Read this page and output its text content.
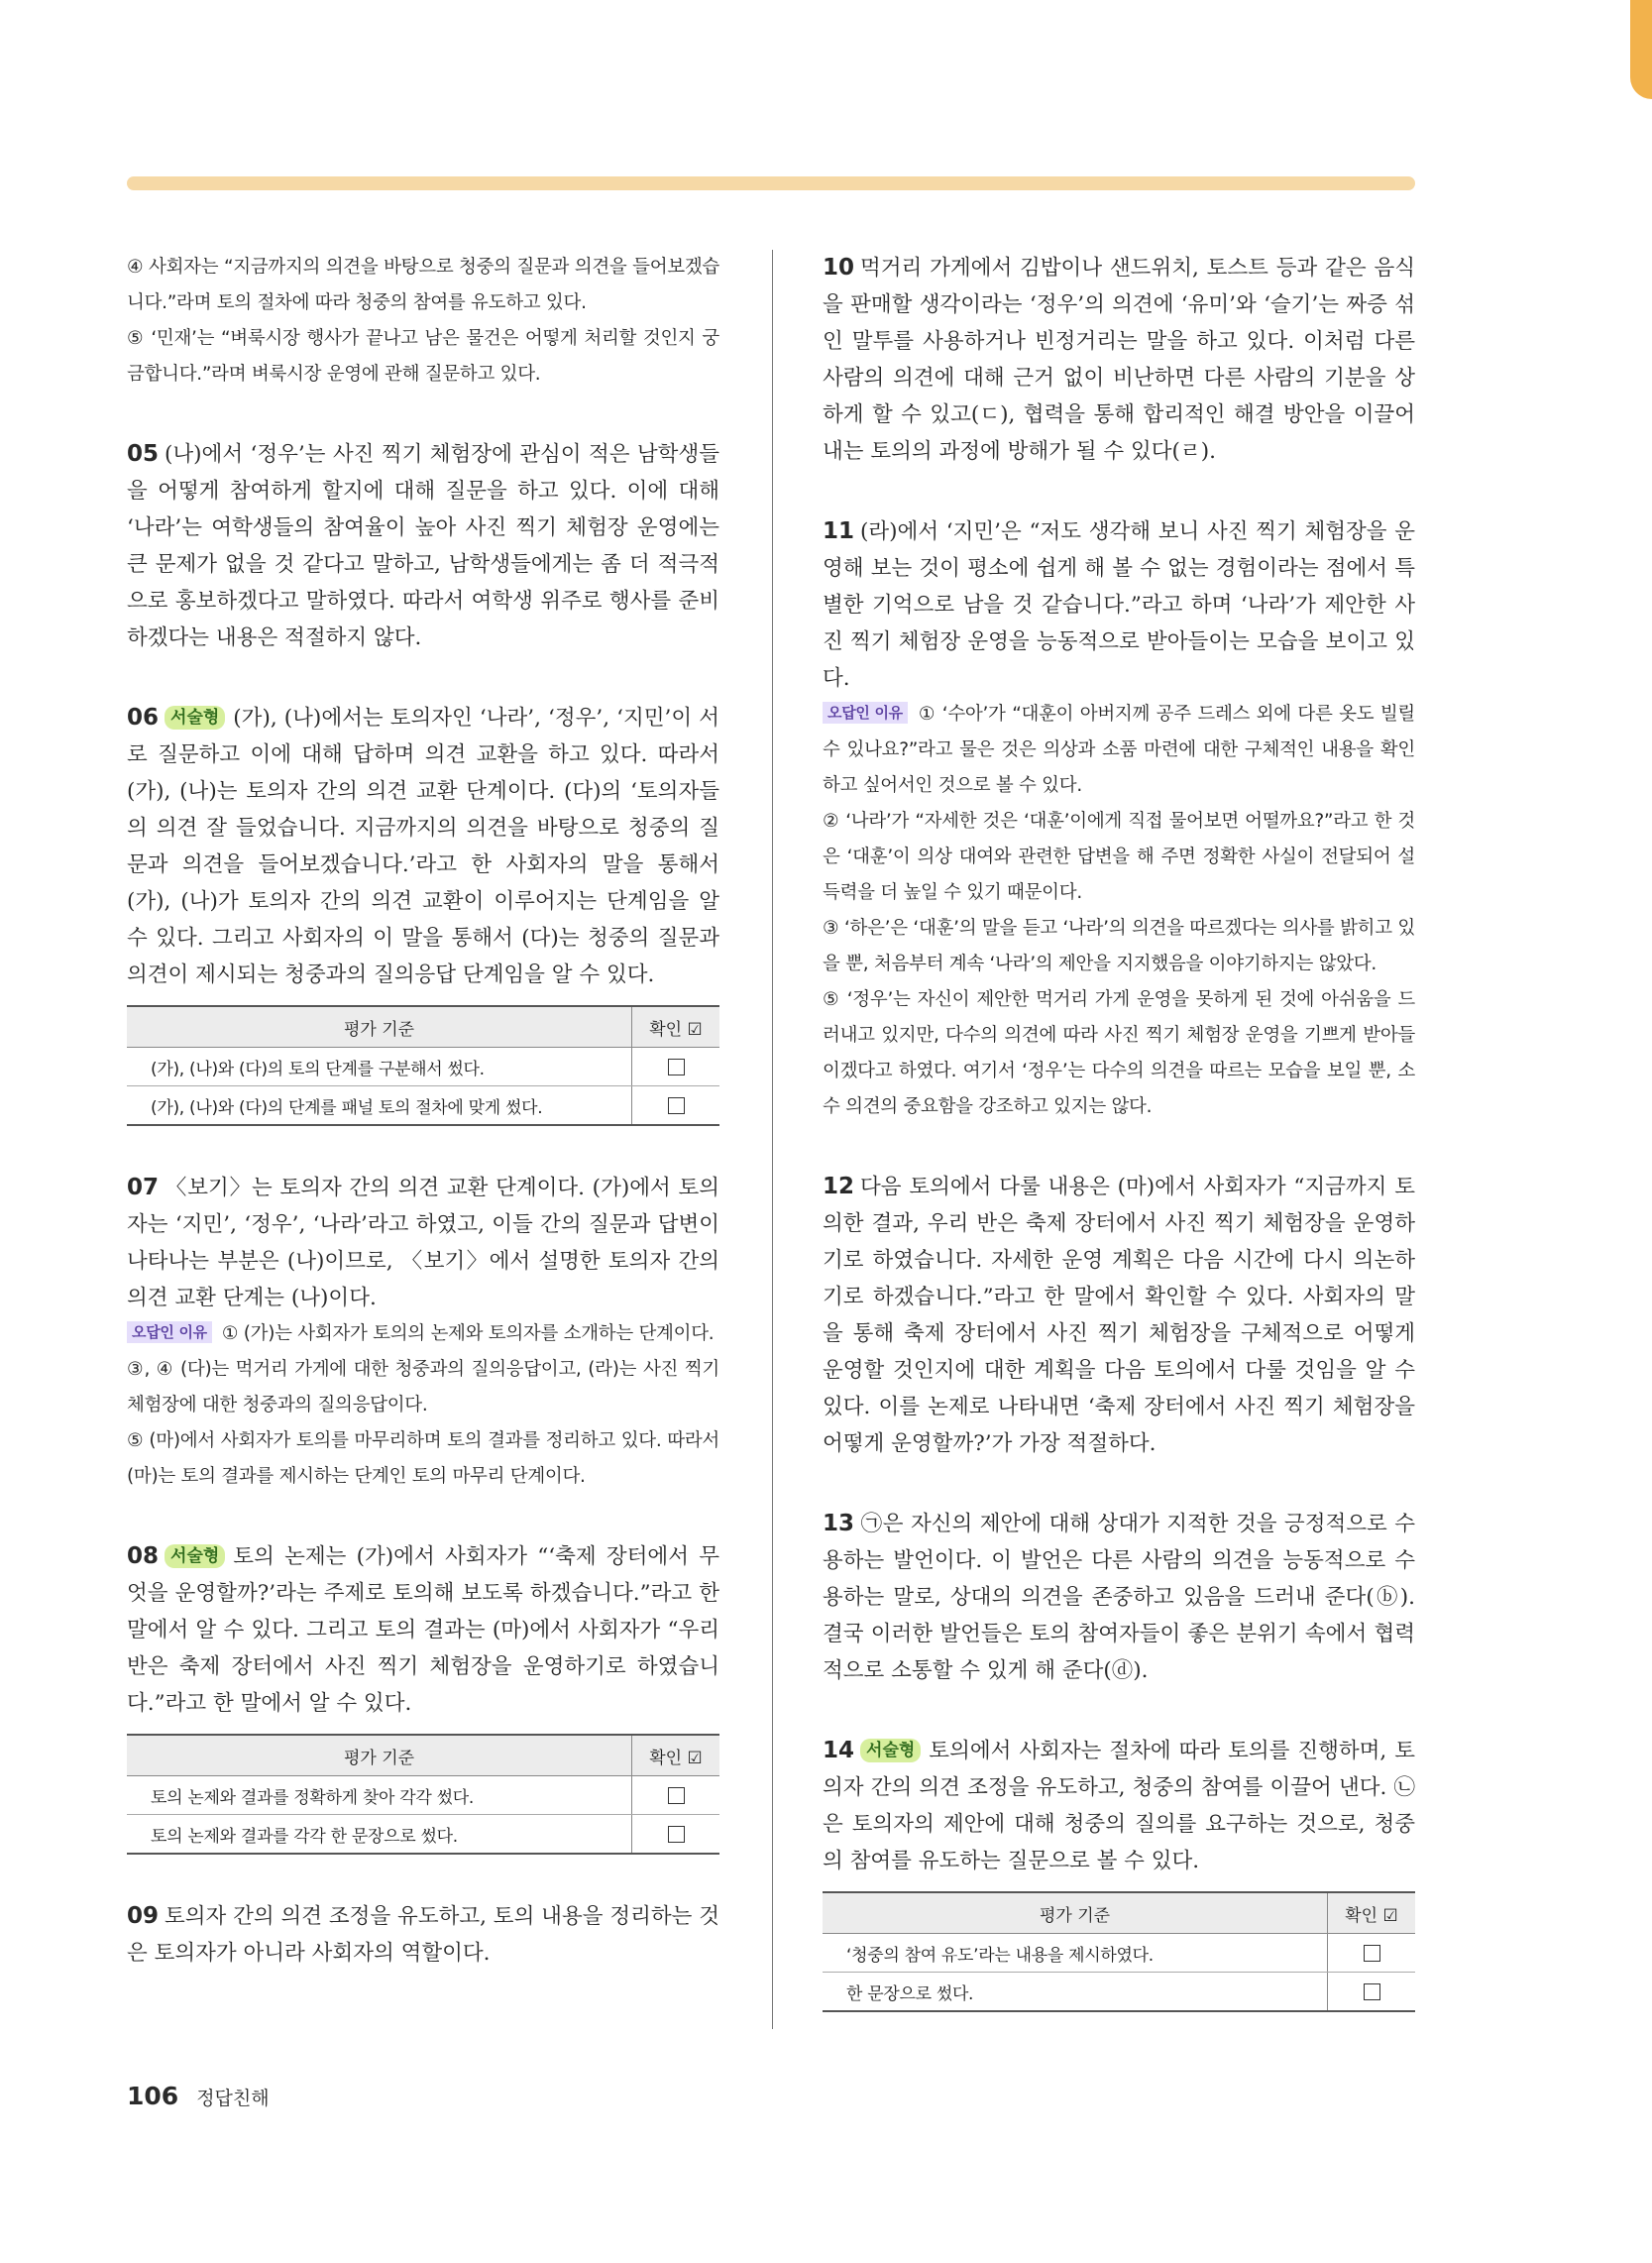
④ 사회자는 “지금까지의 의견을 바탕으로 청중의 질문과 의견을 들어보겠습니다.”라며 토의 절차에 따라 청중의 참여를 유도하고 있다.

⑤ ‘민재’는 “벼룩시장 행사가 끝나고 남은 물건은 어떻게 처리할 것인지 궁금합니다.”라며 벼룩시장 운영에 관해 질문하고 있다.

05 (나)에서 ‘정우’는 사진 찍기 체험장에 관심이 적은 남학생들을 어떻게 참여하게 할지에 대해 질문을 하고 있다. 이에 대해 ‘나라’는 여학생들의 참여율이 높아 사진 찍기 체험장 운영에는 큰 문제가 없을 것 같다고 말하고, 남학생들에게는 좀 더 적극적으로 홍보하겠다고 말하였다. 따라서 여학생 위주로 행사를 준비하겠다는 내용은 적절하지 않다.

06 서술형 (가), (나)에서는 토의자인 ‘나라’, ‘정우’, ‘지민’이 서로 질문하고 이에 대해 답하며 의견 교환을 하고 있다. 따라서 (가), (나)는 토의자 간의 의견 교환 단계이다. (다)의 ‘토의자들의 의견 잘 들었습니다. 지금까지의 의견을 바탕으로 청중의 질문과 의견을 들어보겠습니다.’라고 한 사회자의 말을 통해서 (가), (나)가 토의자 간의 의견 교환이 이루어지는 단계임을 알 수 있다. 그리고 사회자의 이 말을 통해서 (다)는 청중의 질문과 의견이 제시되는 청중과의 질의응답 단계임을 알 수 있다.

평가 기준	확인 ☑
(가), (나)와 (다)의 토의 단계를 구분해서 썼다.	
(가), (나)와 (다)의 단계를 패널 토의 절차에 맞게 썼다.	

07 〈보기〉는 토의자 간의 의견 교환 단계이다. (가)에서 토의자는 ‘지민’, ‘정우’, ‘나라’라고 하였고, 이들 간의 질문과 답변이 나타나는 부분은 (나)이므로, 〈보기〉에서 설명한 토의자 간의 의견 교환 단계는 (나)이다.

오답인 이유 ① (가)는 사회자가 토의의 논제와 토의자를 소개하는 단계이다.

③, ④ (다)는 먹거리 가게에 대한 청중과의 질의응답이고, (라)는 사진 찍기 체험장에 대한 청중과의 질의응답이다.

⑤ (마)에서 사회자가 토의를 마무리하며 토의 결과를 정리하고 있다. 따라서 (마)는 토의 결과를 제시하는 단계인 토의 마무리 단계이다.

08 서술형 토의 논제는 (가)에서 사회자가 “‘축제 장터에서 무엇을 운영할까?’라는 주제로 토의해 보도록 하겠습니다.”라고 한 말에서 알 수 있다. 그리고 토의 결과는 (마)에서 사회자가 “우리 반은 축제 장터에서 사진 찍기 체험장을 운영하기로 하였습니다.”라고 한 말에서 알 수 있다.

평가 기준	확인 ☑
토의 논제와 결과를 정확하게 찾아 각각 썼다.	
토의 논제와 결과를 각각 한 문장으로 썼다.	

09 토의자 간의 의견 조정을 유도하고, 토의 내용을 정리하는 것은 토의자가 아니라 사회자의 역할이다.

10 먹거리 가게에서 김밥이나 샌드위치, 토스트 등과 같은 음식을 판매할 생각이라는 ‘정우’의 의견에 ‘유미’와 ‘슬기’는 짜증 섞인 말투를 사용하거나 빈정거리는 말을 하고 있다. 이처럼 다른 사람의 의견에 대해 근거 없이 비난하면 다른 사람의 기분을 상하게 할 수 있고(ㄷ), 협력을 통해 합리적인 해결 방안을 이끌어 내는 토의의 과정에 방해가 될 수 있다(ㄹ).

11 (라)에서 ‘지민’은 “저도 생각해 보니 사진 찍기 체험장을 운영해 보는 것이 평소에 쉽게 해 볼 수 없는 경험이라는 점에서 특별한 기억으로 남을 것 같습니다.”라고 하며 ‘나라’가 제안한 사진 찍기 체험장 운영을 능동적으로 받아들이는 모습을 보이고 있다.

오답인 이유 ① ‘수아’가 “대훈이 아버지께 공주 드레스 외에 다른 옷도 빌릴 수 있나요?”라고 물은 것은 의상과 소품 마련에 대한 구체적인 내용을 확인하고 싶어서인 것으로 볼 수 있다.

② ‘나라’가 “자세한 것은 ‘대훈’이에게 직접 물어보면 어떨까요?”라고 한 것은 ‘대훈’이 의상 대여와 관련한 답변을 해 주면 정확한 사실이 전달되어 설득력을 더 높일 수 있기 때문이다.

③ ‘하은’은 ‘대훈’의 말을 듣고 ‘나라’의 의견을 따르겠다는 의사를 밝히고 있을 뿐, 처음부터 계속 ‘나라’의 제안을 지지했음을 이야기하지는 않았다.

⑤ ‘정우’는 자신이 제안한 먹거리 가게 운영을 못하게 된 것에 아쉬움을 드러내고 있지만, 다수의 의견에 따라 사진 찍기 체험장 운영을 기쁘게 받아들이겠다고 하였다. 여기서 ‘정우’는 다수의 의견을 따르는 모습을 보일 뿐, 소수 의견의 중요함을 강조하고 있지는 않다.

12 다음 토의에서 다룰 내용은 (마)에서 사회자가 “지금까지 토의한 결과, 우리 반은 축제 장터에서 사진 찍기 체험장을 운영하기로 하였습니다. 자세한 운영 계획은 다음 시간에 다시 의논하기로 하겠습니다.”라고 한 말에서 확인할 수 있다. 사회자의 말을 통해 축제 장터에서 사진 찍기 체험장을 구체적으로 어떻게 운영할 것인지에 대한 계획을 다음 토의에서 다룰 것임을 알 수 있다. 이를 논제로 나타내면 ‘축제 장터에서 사진 찍기 체험장을 어떻게 운영할까?’가 가장 적절하다.

13 ㉠은 자신의 제안에 대해 상대가 지적한 것을 긍정적으로 수용하는 발언이다. 이 발언은 다른 사람의 의견을 능동적으로 수용하는 말로, 상대의 의견을 존중하고 있음을 드러내 준다(ⓑ). 결국 이러한 발언들은 토의 참여자들이 좋은 분위기 속에서 협력적으로 소통할 수 있게 해 준다(ⓓ).

14 서술형 토의에서 사회자는 절차에 따라 토의를 진행하며, 토의자 간의 의견 조정을 유도하고, 청중의 참여를 이끌어 낸다. ㉡은 토의자의 제안에 대해 청중의 질의를 요구하는 것으로, 청중의 참여를 유도하는 질문으로 볼 수 있다.

평가 기준	확인 ☑
‘청중의 참여 유도’라는 내용을 제시하였다.	
한 문장으로 썼다.	
106 정답친해
